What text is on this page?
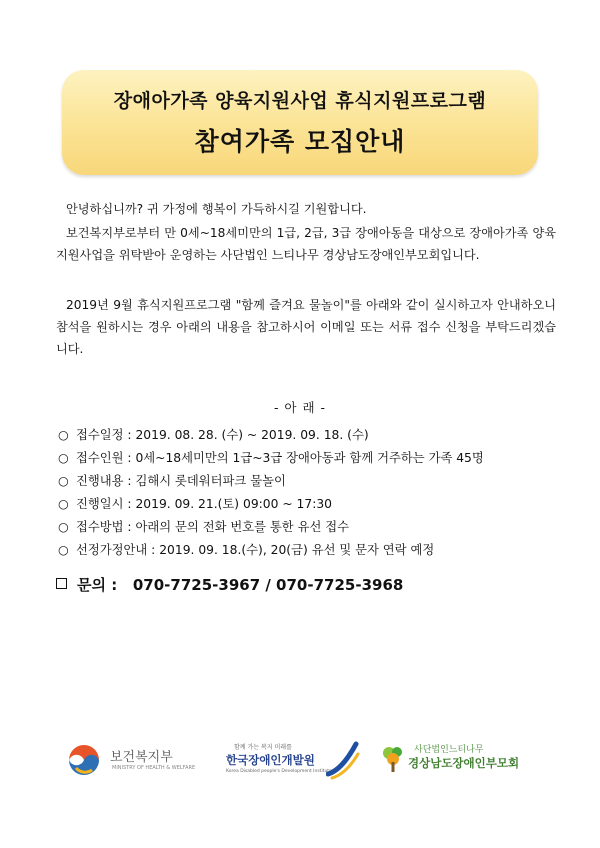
장애아가족 양육지원사업 휴식지원프로그램
참여가족 모집안내
안녕하십니까? 귀 가정에 행복이 가득하시길 기원합니다.
보건복지부로부터 만 0세~18세미만의 1급, 2급, 3급 장애아동을 대상으로 장애아가족 양육지원사업을 위탁받아 운영하는 사단법인 느티나무 경상남도장애인부모회입니다.
2019년 9월 휴식지원프로그램 "함께 즐겨요 물놀이"를 아래와 같이 실시하고자 안내하오니 참석을 원하시는 경우 아래의 내용을 참고하시어 이메일 또는 서류 접수 신청을 부탁드리겠습니다.
- 아 래 -
○ 접수일정 : 2019. 08. 28. (수) ~ 2019. 09. 18. (수)
○ 접수인원 : 0세~18세미만의 1급~3급 장애아동과 함께 거주하는 가족 45명
○ 진행내용 : 김해시 롯데워터파크 물놀이
○ 진행일시 : 2019. 09. 21.(토) 09:00 ~ 17:30
○ 접수방법 : 아래의 문의 전화 번호를 통한 유선 접수
○ 선정가정안내 : 2019. 09. 18.(수), 20(금) 유선 및 문자 연락 예정
문의 : 070-7725-3967 / 070-7725-3968
보건복지부
MINISTRY OF HEALTH & WELFARE
함께 가는 복지 미래를
한국장애인개발원
Korea Disabled people's Development Institute
사단법인느티나무
경상남도장애인부모회
